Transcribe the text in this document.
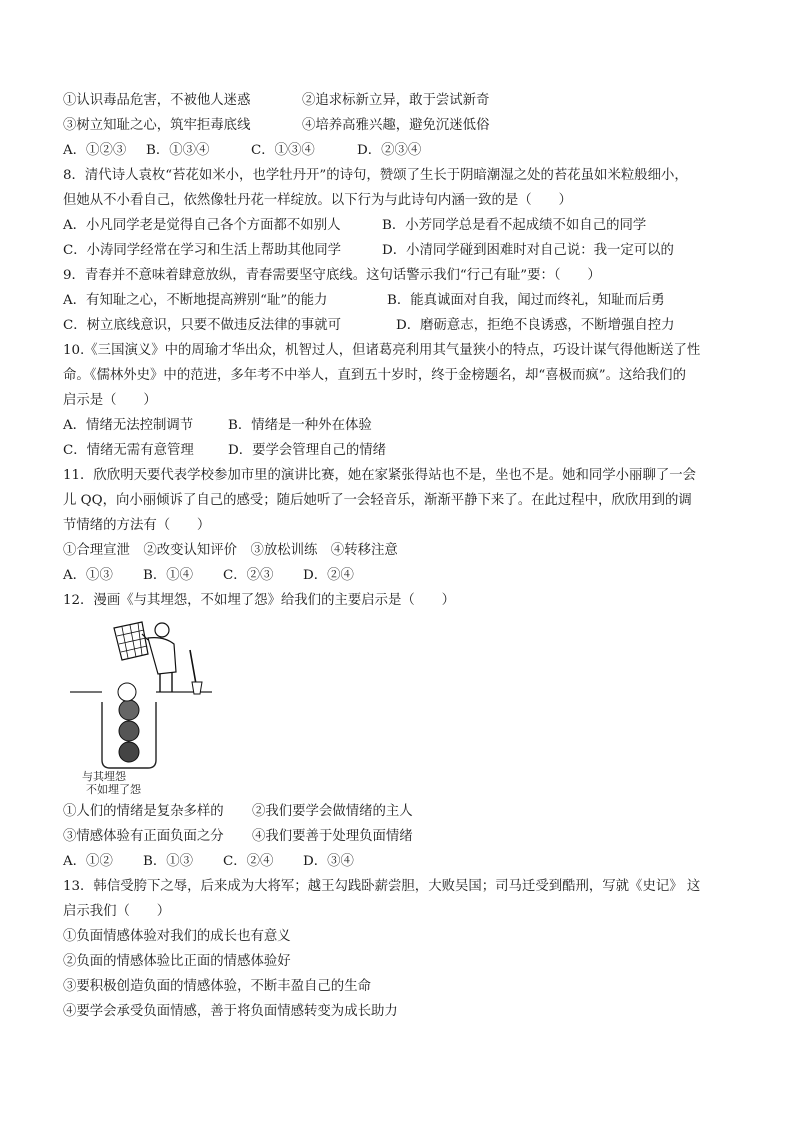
①认识毒品危害，不被他人迷惑	②追求标新立异，敢于尝试新奇
③树立知耻之心，筑牢拒毒底线	④培养高雅兴趣，避免沉迷低俗
A．①②③ B．①③④	C．①③④	D．②③④
8．清代诗人袁枚“苔花如米小，也学牡丹开”的诗句，赞颂了生长于阴暗潮湿之处的苔花虽如米粒般细小，
但她从不小看自己，依然像牡丹花一样绽放。以下行为与此诗句内涵一致的是（　　）
A．小凡同学老是觉得自己各个方面都不如别人	B．小芳同学总是看不起成绩不如自己的同学
C．小涛同学经常在学习和生活上帮助其他同学	D．小清同学碰到困难时对自己说：我一定可以的
9．青春并不意味着肆意放纵，青春需要坚守底线。这句话警示我们“行己有耻”要：（　　）
A．有知耻之心，不断地提高辨别“耻”的能力	B．能真诚面对自我，闻过而终礼，知耻而后勇
C．树立底线意识，只要不做违反法律的事就可	D．磨砺意志，拒绝不良诱惑，不断增强自控力
10.《三国演义》中的周瑜才华出众，机智过人，但诸葛亮利用其气量狭小的特点，巧设计谋气得他断送了性
命。《儒林外史》中的范进，多年考不中举人，直到五十岁时，终于金榜题名，却“喜极而疯”。这给我们的
启示是（　　）
A．情绪无法控制调节	B．情绪是一种外在体验
C．情绪无需有意管理	D．要学会管理自己的情绪
11．欣欣明天要代表学校参加市里的演讲比赛，她在家紧张得站也不是，坐也不是。她和同学小丽聊了一会
儿 QQ，向小丽倾诉了自己的感受；随后她听了一会轻音乐，渐渐平静下来了。在此过程中，欣欣用到的调
节情绪的方法有（　　）
①合理宣泄　②改变认知评价　③放松训练　④转移注意
A．①③ B．①④ C．②③ D．②④
12．漫画《与其埋怨，不如埋了怨》给我们的主要启示是（　　）
与其埋怨
不如埋了怨
①人们的情绪是复杂多样的 ②我们要学会做情绪的主人
③情感体验有正面负面之分 ④我们要善于处理负面情绪
A．①② B．①③ C．②④ D．③④
13．韩信受胯下之辱，后来成为大将军；越王勾践卧薪尝胆，大败吴国；司马迁受到酷刑，写就《史记》 这
启示我们（　　）
①负面情感体验对我们的成长也有意义
②负面的情感体验比正面的情感体验好
③要积极创造负面的情感体验，不断丰盈自己的生命
④要学会承受负面情感，善于将负面情感转变为成长助力
